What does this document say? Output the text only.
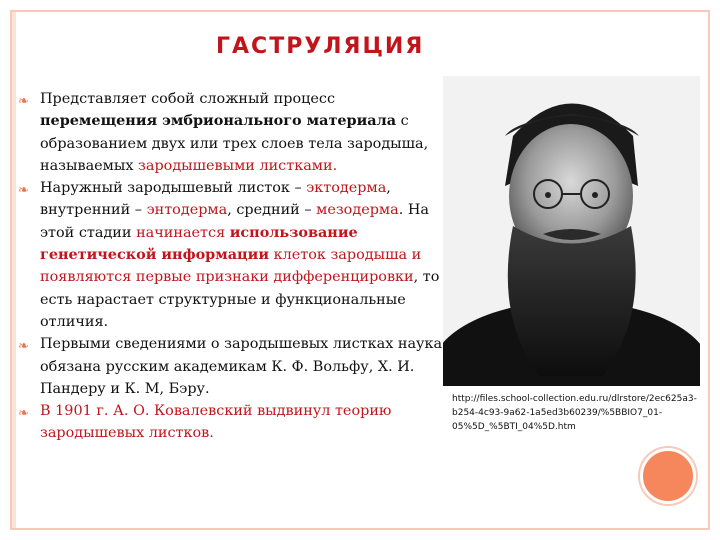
ГАСТРУЛЯЦИЯ
❧ Представляет собой сложный процесс перемещения эмбрионального материала с образованием двух или трех слоев тела зародыша, называемых зародышевыми листками.
❧ Наружный зародышевый листок – эктодерма, внутренний – энтодерма, средний – мезодерма. На этой стадии начинается использование генетической информации клеток зародыша и появляются первые признаки дифференцировки, то есть нарастает структурные и функциональные отличия.
❧ Первыми сведениями о зародышевых листках наука обязана русским академикам К. Ф. Вольфу, Х. И. Пандеру и К. М, Бэру.
❧ В 1901 г. А. О. Ковалевский выдвинул теорию зародышевых листков.
http://files.school-collection.edu.ru/dlrstore/2ec625a3-b254-4c93-9a62-1a5ed3b60239/%5BBIO7_01-05%5D_%5BTI_04%5D.htm
